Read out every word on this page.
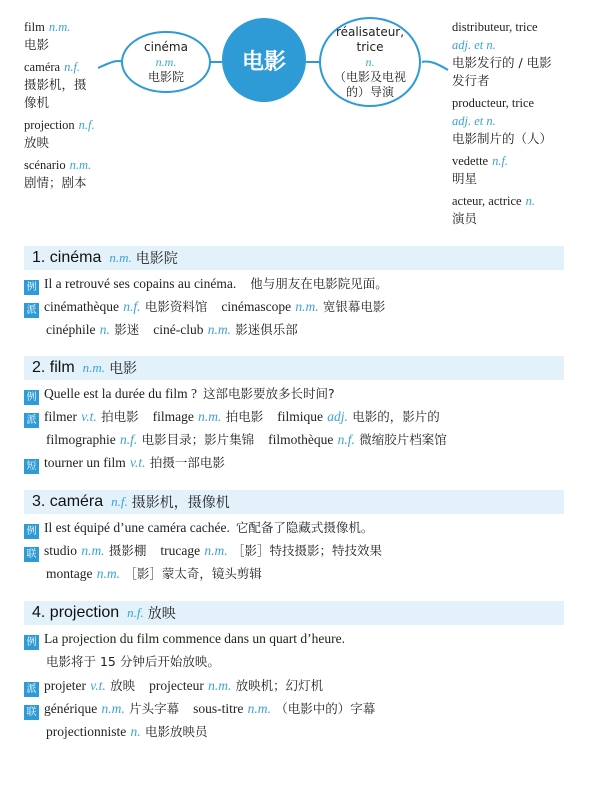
电影
cinéma
n.m.
电影院
réalisateur,
trice
n.
（电影及电视
的）导演
film n.m.
电影
caméra n.f.
摄影机，摄
像机
projection n.f.
放映
scénario n.m.
剧情；剧本
distributeur, trice
adj. et n.
电影发行的 / 电影
发行者
producteur, trice
adj. et n.
电影制片的（人）
vedette n.f.
明星
acteur, actrice n.
演员
1. cinéma n.m. 电影院
例 Il a retrouvé ses copains au cinéma. 他与朋友在电影院见面。
派 cinémathèque n.f. 电影资料馆 cinémascope n.m. 宽银幕电影
cinéphile n. 影迷 ciné-club n.m. 影迷俱乐部
2. film n.m. 电影
例 Quelle est la durée du film ? 这部电影要放多长时间?
派 filmer v.t. 拍电影 filmage n.m. 拍电影 filmique adj. 电影的，影片的
filmographie n.f. 电影目录；影片集锦 filmothèque n.f. 微缩胶片档案馆
短 tourner un film v.t. 拍摄一部电影
3. caméra n.f. 摄影机，摄像机
例 Il est équipé d’une caméra cachée. 它配备了隐藏式摄像机。
联 studio n.m. 摄影棚 trucage n.m. ［影］特技摄影；特技效果
montage n.m. ［影］蒙太奇，镜头剪辑
4. projection n.f. 放映
例 La projection du film commence dans un quart d’heure.
电影将于 15 分钟后开始放映。
派 projeter v.t. 放映 projecteur n.m. 放映机；幻灯机
联 générique n.m. 片头字幕 sous-titre n.m. （电影中的）字幕
projectionniste n. 电影放映员
